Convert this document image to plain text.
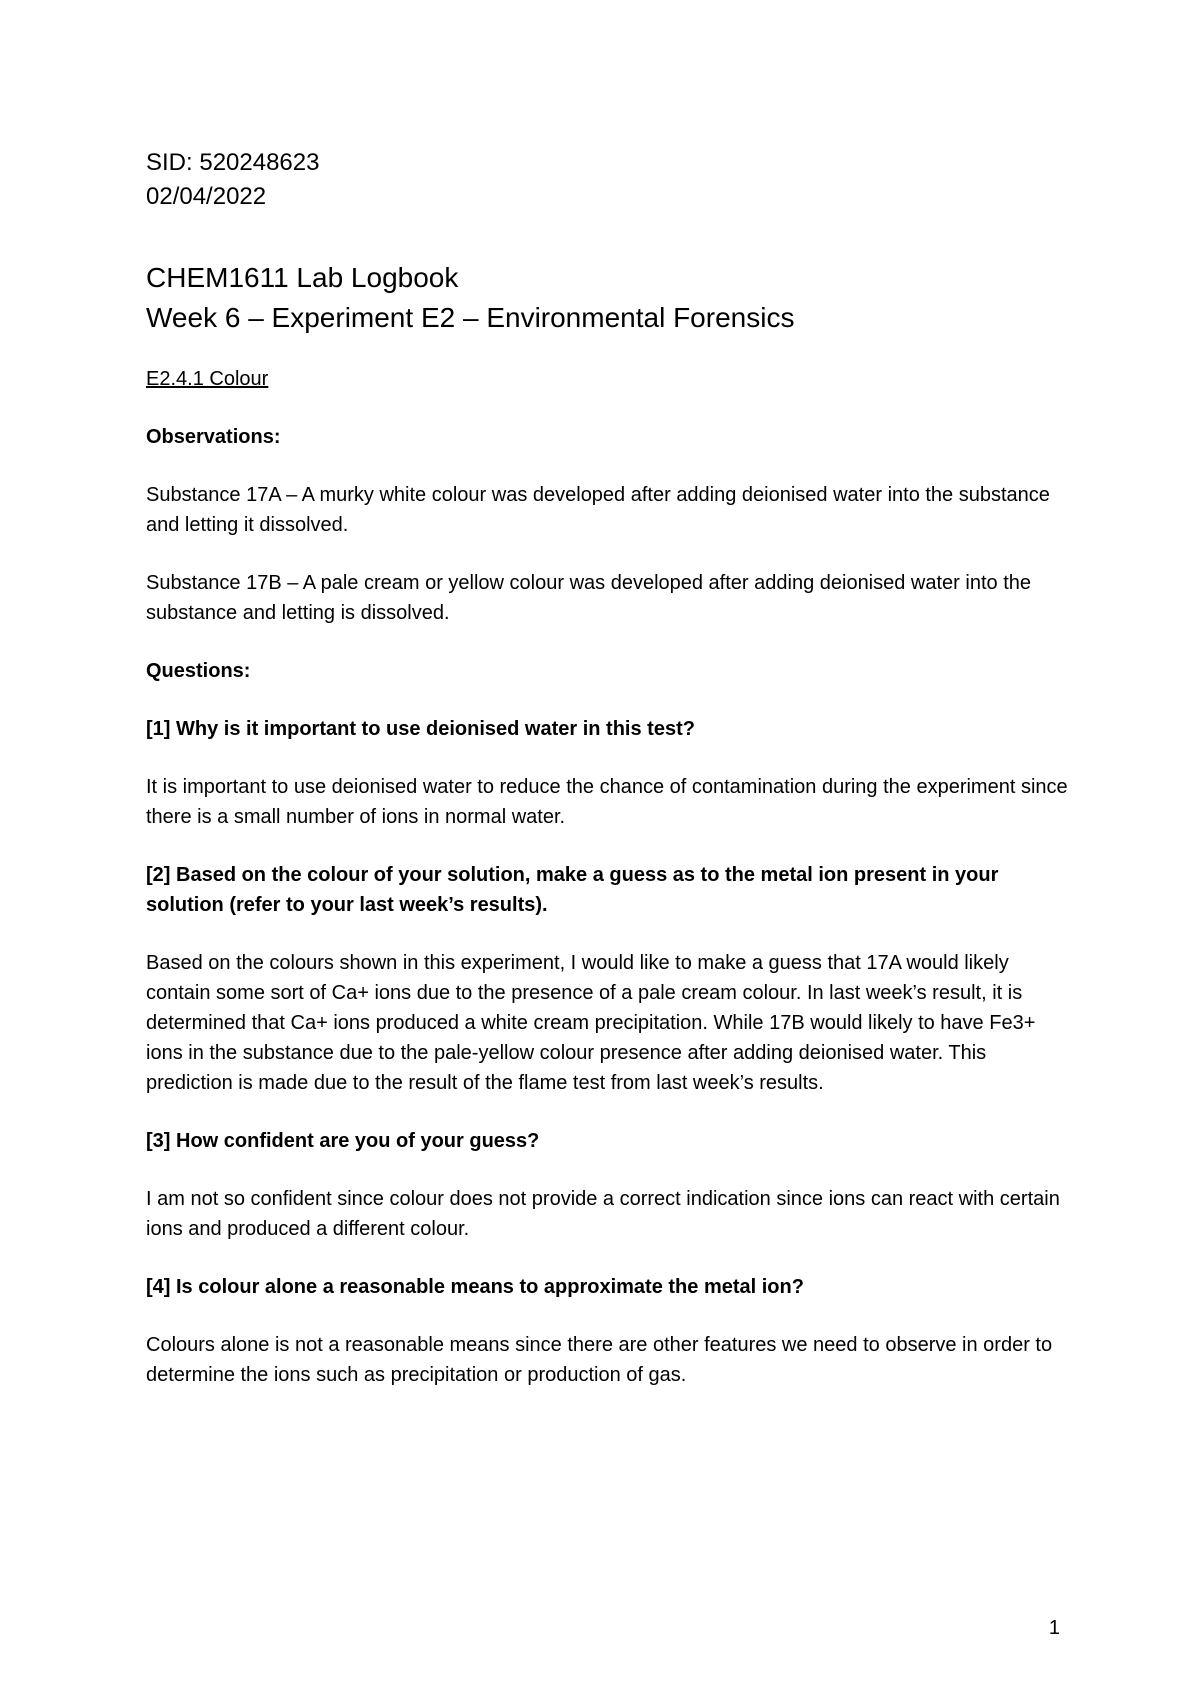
SID: 520248623

02/04/2022

CHEM1611 Lab Logbook
Week 6 – Experiment E2 – Environmental Forensics

E2.4.1 Colour

Observations:

Substance 17A – A murky white colour was developed after adding deionised water into the substance and letting it dissolved.

Substance 17B – A pale cream or yellow colour was developed after adding deionised water into the substance and letting is dissolved.

Questions:

[1] Why is it important to use deionised water in this test?

It is important to use deionised water to reduce the chance of contamination during the experiment since there is a small number of ions in normal water.

[2] Based on the colour of your solution, make a guess as to the metal ion present in your solution (refer to your last week’s results).

Based on the colours shown in this experiment, I would like to make a guess that 17A would likely contain some sort of Ca+ ions due to the presence of a pale cream colour. In last week’s result, it is determined that Ca+ ions produced a white cream precipitation. While 17B would likely to have Fe3+ ions in the substance due to the pale-yellow colour presence after adding deionised water. This prediction is made due to the result of the flame test from last week’s results.

[3] How confident are you of your guess?

I am not so confident since colour does not provide a correct indication since ions can react with certain ions and produced a different colour.

[4] Is colour alone a reasonable means to approximate the metal ion?

Colours alone is not a reasonable means since there are other features we need to observe in order to determine the ions such as precipitation or production of gas.

1
